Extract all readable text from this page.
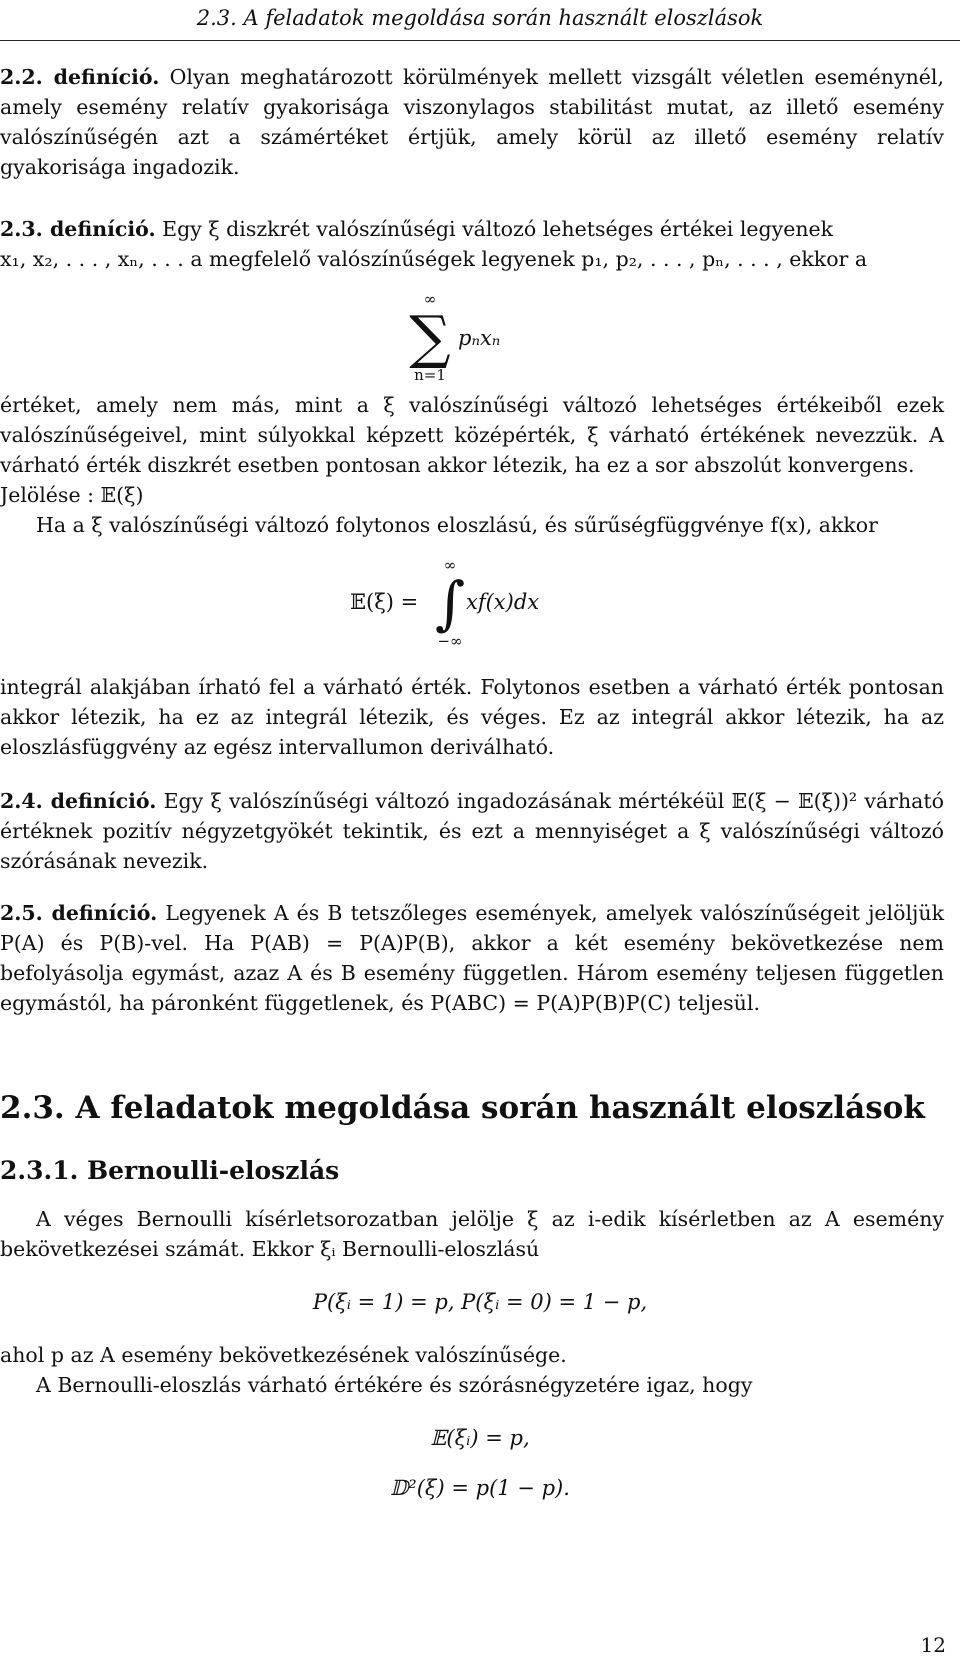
2.3. A feladatok megoldása során használt eloszlások
2.2. definíció. Olyan meghatározott körülmények mellett vizsgált véletlen eseménynél, amely esemény relatív gyakorisága viszonylagos stabilitást mutat, az illető esemény valószínűségén azt a számértéket értjük, amely körül az illető esemény relatív gyakorisága ingadozik.
2.3. definíció. Egy ξ diszkrét valószínűségi változó lehetséges értékei legyenek
x₁, x₂, . . . , xₙ, . . . a megfelelő valószínűségek legyenek p₁, p₂, . . . , pₙ, . . . , ekkor a
∞
∑
n=1
pₙxₙ
értéket, amely nem más, mint a ξ valószínűségi változó lehetséges értékeiből ezek valószínűségeivel, mint súlyokkal képzett középérték, ξ várható értékének nevezzük. A várható érték diszkrét esetben pontosan akkor létezik, ha ez a sor abszolút konvergens.
Jelölése : 𝔼(ξ)
Ha a ξ valószínűségi változó folytonos eloszlású, és sűrűségfüggvénye f(x), akkor
𝔼(ξ) =
∞
∫
−∞
xf(x)dx
integrál alakjában írható fel a várható érték. Folytonos esetben a várható érték pontosan akkor létezik, ha ez az integrál létezik, és véges. Ez az integrál akkor létezik, ha az eloszlásfüggvény az egész intervallumon deriválható.
2.4. definíció. Egy ξ valószínűségi változó ingadozásának mértékéül 𝔼(ξ − 𝔼(ξ))² várható értéknek pozitív négyzetgyökét tekintik, és ezt a mennyiséget a ξ valószínűségi változó szórásának nevezik.
2.5. definíció. Legyenek A és B tetszőleges események, amelyek valószínűségeit jelöljük P(A) és P(B)-vel. Ha P(AB) = P(A)P(B), akkor a két esemény bekövetkezése nem befolyásolja egymást, azaz A és B esemény független. Három esemény teljesen független egymástól, ha páronként függetlenek, és P(ABC) = P(A)P(B)P(C) teljesül.
2.3. A feladatok megoldása során használt eloszlások
2.3.1. Bernoulli-eloszlás
A véges Bernoulli kísérletsorozatban jelölje ξ az i-edik kísérletben az A esemény bekövetkezései számát. Ekkor ξᵢ Bernoulli-eloszlású
P(ξᵢ = 1) = p, P(ξᵢ = 0) = 1 − p,
ahol p az A esemény bekövetkezésének valószínűsége.
A Bernoulli-eloszlás várható értékére és szórásnégyzetére igaz, hogy
𝔼(ξᵢ) = p,
𝔻²(ξ) = p(1 − p).
12
